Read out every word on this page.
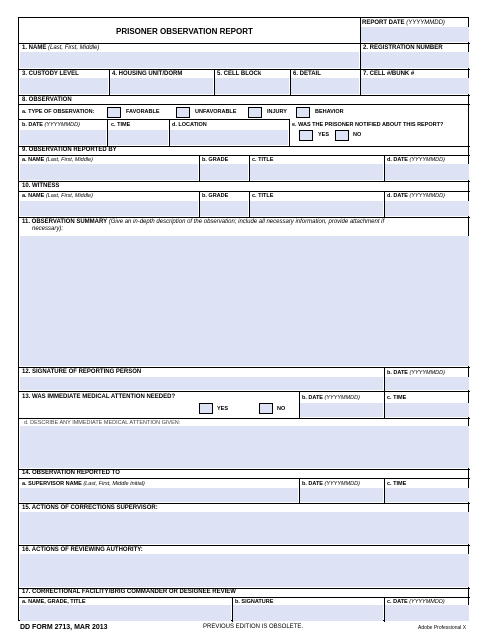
PRISONER OBSERVATION REPORT
REPORT DATE (YYYYMMDD)
1. NAME (Last, First, Middle)	2. REGISTRATION NUMBER
3. CUSTODY LEVEL	4. HOUSING UNIT/DORM	5. CELL BLOCk	6. DETAIL	7. CELL #/BUNK #
8. OBSERVATION
a. TYPE OF OBSERVATION:	FAVORABLE	UNFAVORABLE	INJURY	BEHAVIOR
b. DATE (YYYYMMDD)	c. TIME	d. LOCATION	e. WAS THE PRISONER NOTIFIED ABOUT THIS REPORT?
YES	NO
9. OBSERVATION REPORTED BY
a. NAME (Last, First, Middle)	b. GRADE	c. TITLE	d. DATE (YYYYMMDD)
10. WITNESS
a. NAME (Last, First, Middle)	b. GRADE	c. TITLE	d. DATE (YYYYMMDD)
11. OBSERVATION SUMMARY (Give an in-depth description of the observation; include all necessary information, provide attachment if
necessary):
12. SIGNATURE OF REPORTING PERSON	b. DATE (YYYYMMDD)
13. WAS IMMEDIATE MEDICAL ATTENTION NEEDED?
YES	NO
b. DATE (YYYYMMDD)	c. TIME
d. DESCRIBE ANY IMMEDIATE MEDICAL ATTENTION GIVEN:
14. OBSERVATION REPORTED TO
a. SUPERVISOR NAME (Last, First, Middle Initial)	b. DATE (YYYYMMDD)	c. TIME
15. ACTIONS OF CORRECTIONS SUPERVISOR:
16. ACTIONS OF REVIEWING AUTHORITY:
17. CORRECTIONAL FACILITY/BRIG COMMANDER OR DESIGNEE REVIEW
a. NAME, GRADE, TITLE	b. SIGNATURE	c. DATE (YYYYMMDD)
DD FORM 2713, MAR 2013	PREVIOUS EDITION IS OBSOLETE.	Adobe Professional X
